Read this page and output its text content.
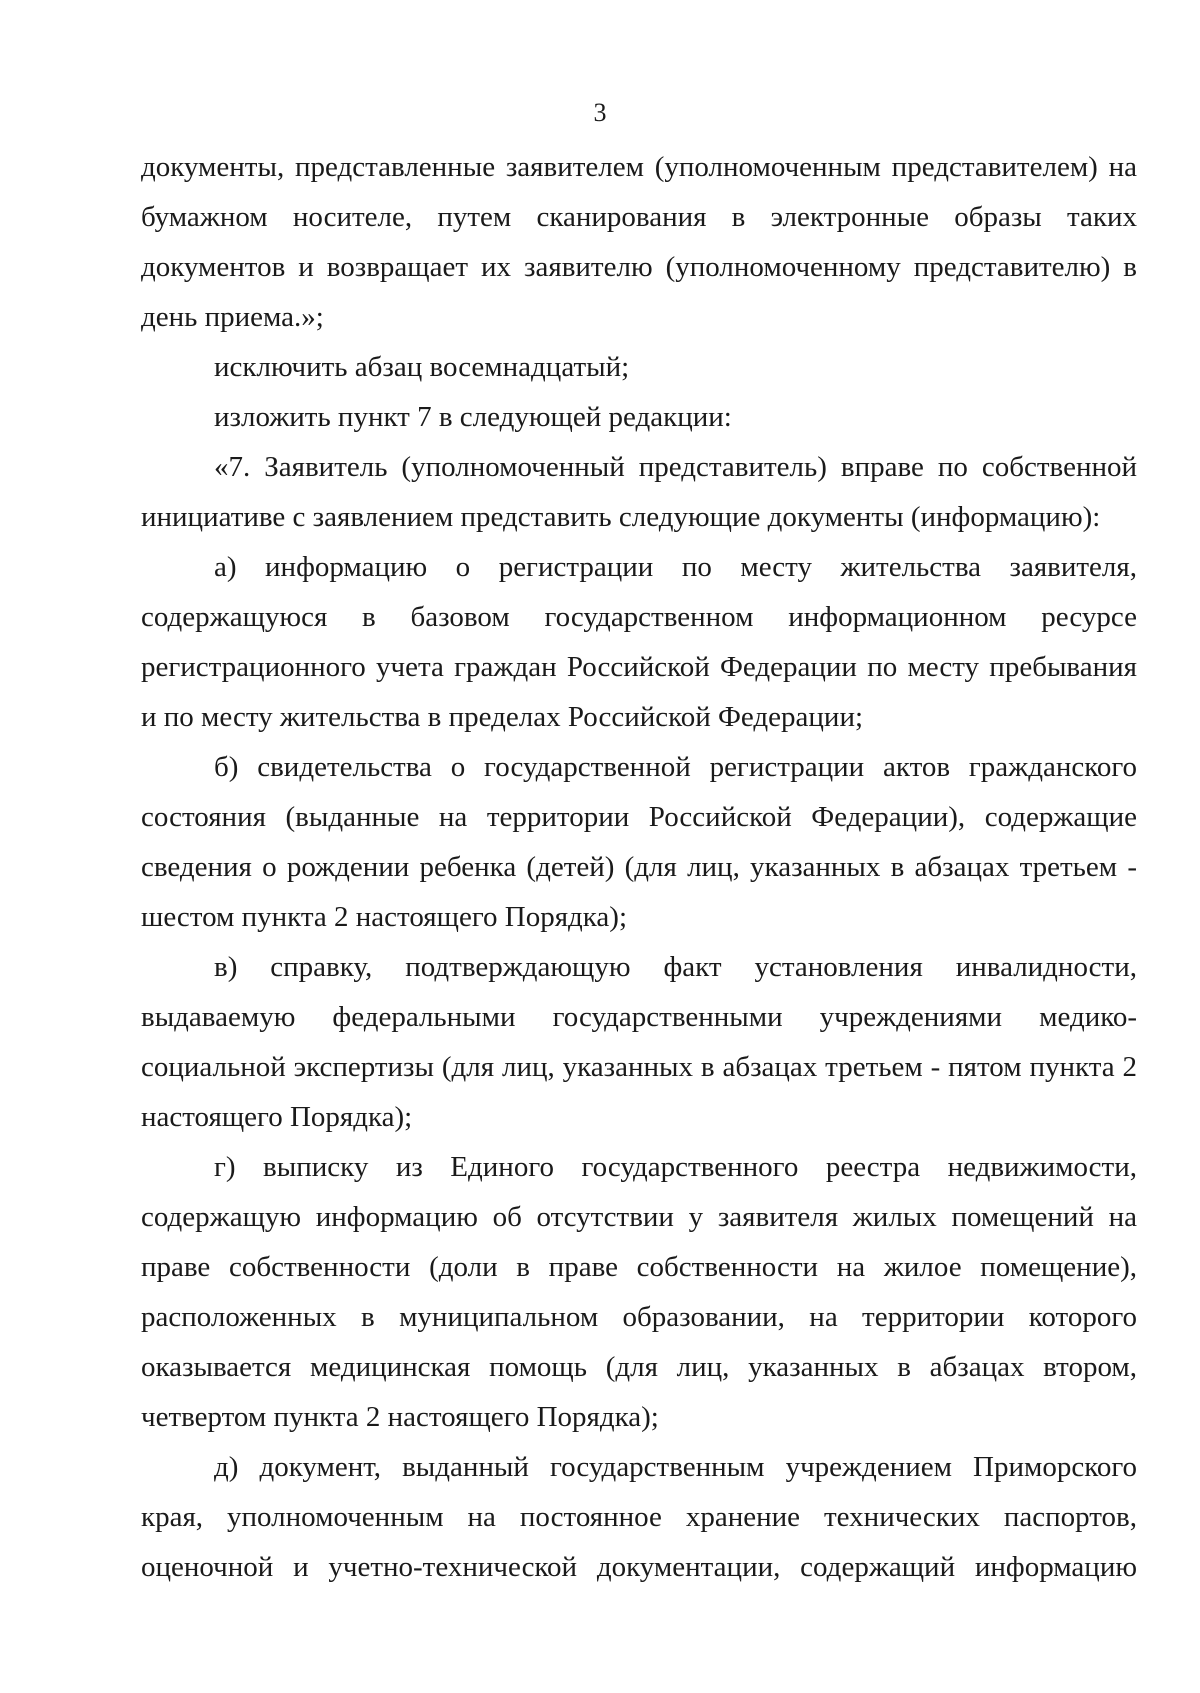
3

документы, представленные заявителем (уполномоченным представителем) на бумажном носителе, путем сканирования в электронные образы таких документов и возвращает их заявителю (уполномоченному представителю) в день приема.»;

исключить абзац восемнадцатый;

изложить пункт 7 в следующей редакции:

«7. Заявитель (уполномоченный представитель) вправе по собственной инициативе с заявлением представить следующие документы (информацию):

а) информацию о регистрации по месту жительства заявителя, содержащуюся в базовом государственном информационном ресурсе регистрационного учета граждан Российской Федерации по месту пребывания и по месту жительства в пределах Российской Федерации;

б) свидетельства о государственной регистрации актов гражданского состояния (выданные на территории Российской Федерации), содержащие сведения о рождении ребенка (детей) (для лиц, указанных в абзацах третьем - шестом пункта 2 настоящего Порядка);

в) справку, подтверждающую факт установления инвалидности, выдаваемую федеральными государственными учреждениями медико-социальной экспертизы (для лиц, указанных в абзацах третьем - пятом пункта 2 настоящего Порядка);

г) выписку из Единого государственного реестра недвижимости, содержащую информацию об отсутствии у заявителя жилых помещений на праве собственности (доли в праве собственности на жилое помещение), расположенных в муниципальном образовании, на территории которого оказывается медицинская помощь (для лиц, указанных в абзацах втором, четвертом пункта 2 настоящего Порядка);

д) документ, выданный государственным учреждением Приморского края, уполномоченным на постоянное хранение технических паспортов, оценочной и учетно-технической документации, содержащий информацию
